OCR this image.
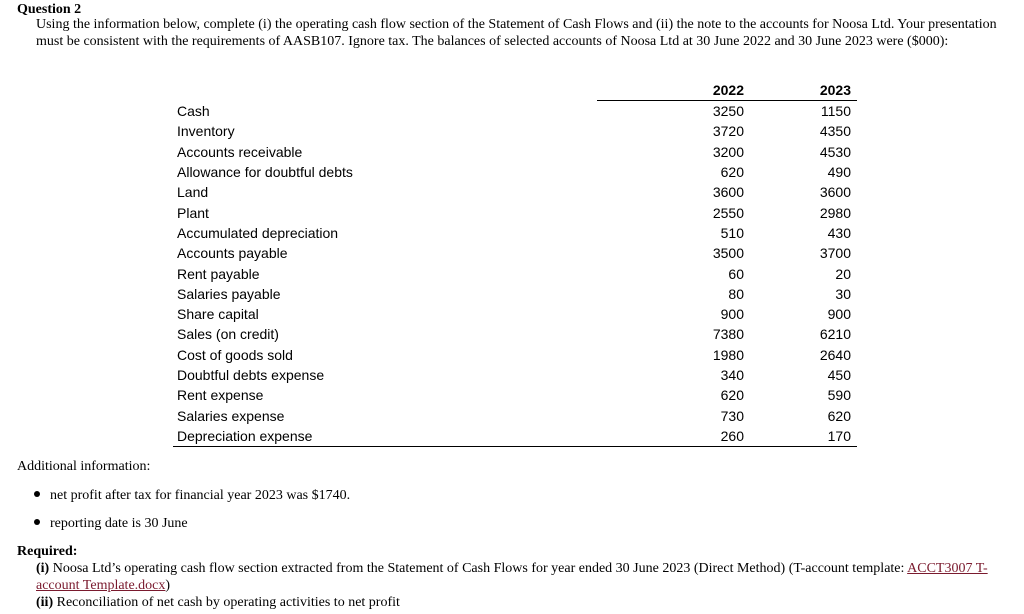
Question 2
Using the information below, complete (i) the operating cash flow section of the Statement of Cash Flows and (ii) the note to the accounts for Noosa Ltd. Your presentation must be consistent with the requirements of AASB107. Ignore tax. The balances of selected accounts of Noosa Ltd at 30 June 2022 and 30 June 2023 were ($000):
	2022	2023
Cash	3250	1150
Inventory	3720	4350
Accounts receivable	3200	4530
Allowance for doubtful debts	620	490
Land	3600	3600
Plant	2550	2980
Accumulated depreciation	510	430
Accounts payable	3500	3700
Rent payable	60	20
Salaries payable	80	30
Share capital	900	900
Sales (on credit)	7380	6210
Cost of goods sold	1980	2640
Doubtful debts expense	340	450
Rent expense	620	590
Salaries expense	730	620
Depreciation expense	260	170
Additional information:
net profit after tax for financial year 2023 was $1740.
reporting date is 30 June
Required:
(i) Noosa Ltd’s operating cash flow section extracted from the Statement of Cash Flows for year ended 30 June 2023 (Direct Method) (T-account template: ACCT3007 T-account Template.docx)
(ii) Reconciliation of net cash by operating activities to net profit
